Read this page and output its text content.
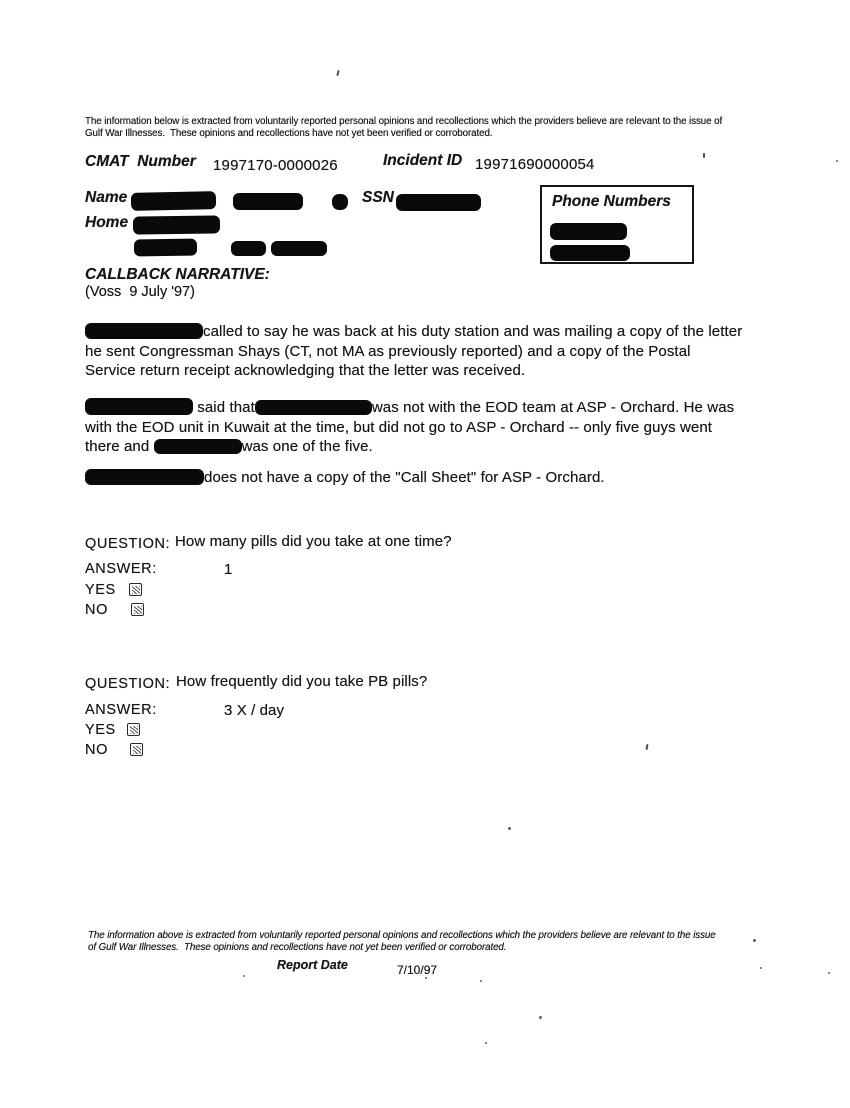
The information below is extracted from voluntarily reported personal opinions and recollections which the providers believe are relevant to the issue of Gulf War Illnesses.  These opinions and recollections have not yet been verified or corroborated.
CMAT  Number 1997170-0000026	Incident ID 19971690000054
Name	SSN	Phone Numbers
Home
CALLBACK NARRATIVE:
(Voss  9 July '97)
called to say he was back at his duty station and was mailing a copy of the letter he sent Congressman Shays (CT, not MA as previously reported) and a copy of the Postal Service return receipt acknowledging that the letter was received.
said that	was not with the EOD team at ASP - Orchard. He was with the EOD unit in Kuwait at the time, but did not go to ASP - Orchard -- only five guys went there and	was one of the five.
does not have a copy of the "Call Sheet" for ASP - Orchard.
QUESTION: How many pills did you take at one time?
ANSWER:	1
YES
NO
QUESTION: How frequently did you take PB pills?
ANSWER:	3 X / day
YES
NO
The information above is extracted from voluntarily reported personal opinions and recollections which the providers believe are relevant to the issue of Gulf War Illnesses.  These opinions and recollections have not yet been verified or corroborated.
Report Date	7/10/97
